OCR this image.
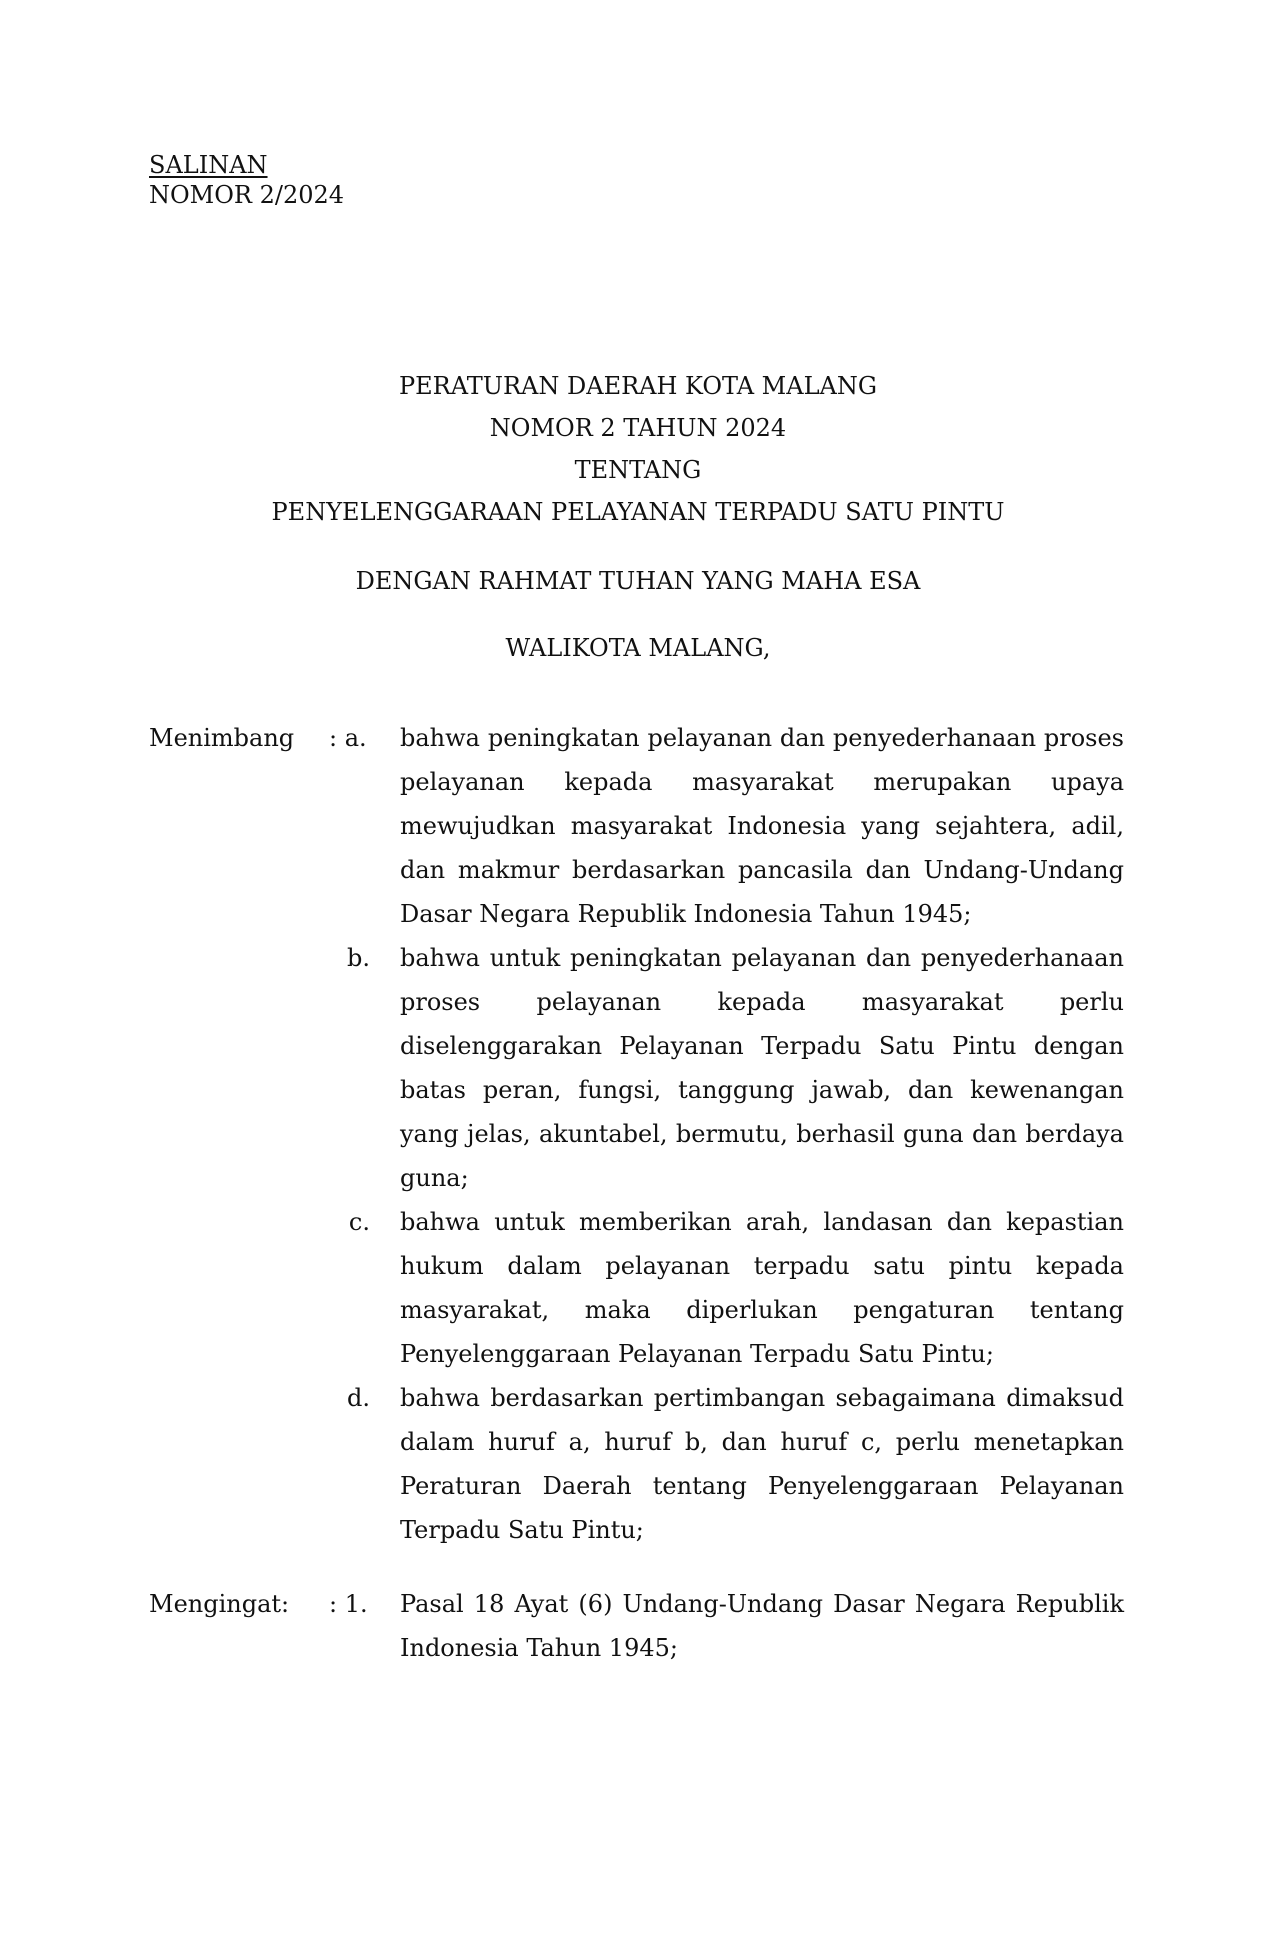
SALINAN
NOMOR 2/2024
PERATURAN DAERAH KOTA MALANG
NOMOR 2 TAHUN 2024
TENTANG
PENYELENGGARAAN PELAYANAN TERPADU SATU PINTU
DENGAN RAHMAT TUHAN YANG MAHA ESA
WALIKOTA MALANG,
Menimbang	: a.	bahwa peningkatan pelayanan dan penyederhanaan proses pelayanan kepada masyarakat merupakan upaya mewujudkan masyarakat Indonesia yang sejahtera, adil, dan makmur berdasarkan pancasila dan Undang-Undang Dasar Negara Republik Indonesia Tahun 1945;
b.	bahwa untuk peningkatan pelayanan dan penyederhanaan proses pelayanan kepada masyarakat perlu diselenggarakan Pelayanan Terpadu Satu Pintu dengan batas peran, fungsi, tanggung jawab, dan kewenangan yang jelas, akuntabel, bermutu, berhasil guna dan berdaya guna;
c.	bahwa untuk memberikan arah, landasan dan kepastian hukum dalam pelayanan terpadu satu pintu kepada masyarakat, maka diperlukan pengaturan tentang Penyelenggaraan Pelayanan Terpadu Satu Pintu;
d.	bahwa berdasarkan pertimbangan sebagaimana dimaksud dalam huruf a, huruf b, dan huruf c, perlu menetapkan Peraturan Daerah tentang Penyelenggaraan Pelayanan Terpadu Satu Pintu;
Mengingat:	: 1.	Pasal 18 Ayat (6) Undang-Undang Dasar Negara Republik Indonesia Tahun 1945;
